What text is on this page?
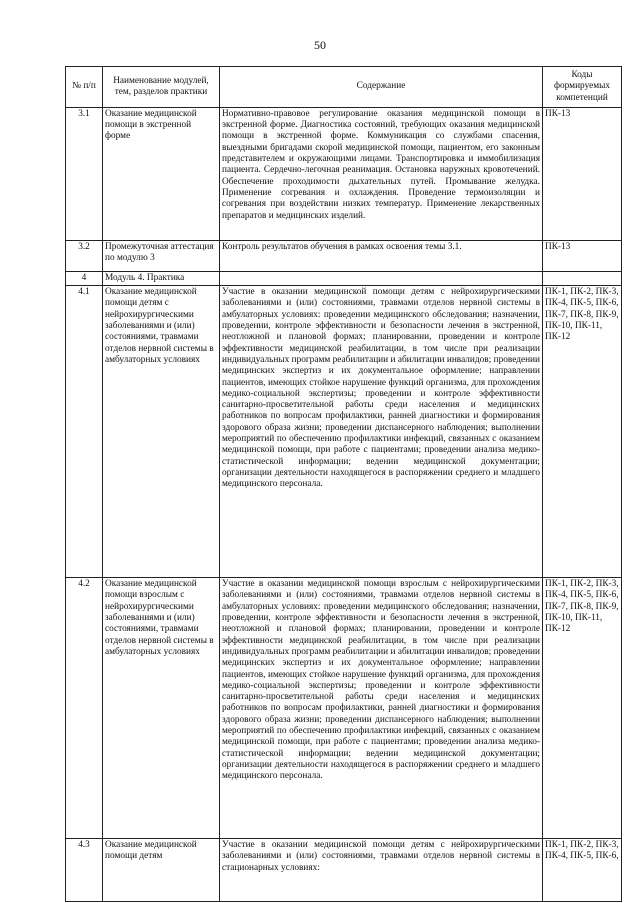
50
№ п/п	Наименование модулей, тем, разделов практики	Содержание	Коды формируемых компетенций
3.1	Оказание медицинской помощи в экстренной форме	Нормативно-правовое регулирование оказания медицинской помощи в экстренной форме. Диагностика состояний, требующих оказания медицинской помощи в экстренной форме. Коммуникация со службами спасения, выездными бригадами скорой медицинской помощи, пациентом, его законным представителем и окружающими лицами. Транспортировка и иммобилизация пациента. Сердечно-легочная реанимация. Остановка наружных кровотечений. Обеспечение проходимости дыхательных путей. Промывание желудка. Применение согревания и охлаждения. Проведение термоизоляции и согревания при воздействии низких температур. Применение лекарственных препаратов и медицинских изделий.	ПК-13
3.2	Промежуточная аттестация по модулю 3	Контроль результатов обучения в рамках освоения темы 3.1.	ПК-13
4	Модуль 4. Практика		
4.1	Оказание медицинской помощи детям с нейрохирургическими заболеваниями и (или) состояниями, травмами отделов нервной системы в амбулаторных условиях	Участие в оказании медицинской помощи детям с нейрохирургическими заболеваниями и (или) состояниями, травмами отделов нервной системы в амбулаторных условиях: проведении медицинского обследования; назначении, проведении, контроле эффективности и безопасности лечения в экстренной, неотложной и плановой формах; планировании, проведении и контроле эффективности медицинской реабилитации, в том числе при реализации индивидуальных программ реабилитации и абилитации инвалидов; проведении медицинских экспертиз и их документальное оформление; направлении пациентов, имеющих стойкое нарушение функций организма, для прохождения медико-социальной экспертизы; проведении и контроле эффективности санитарно-просветительной работы среди населения и медицинских работников по вопросам профилактики, ранней диагностики и формирования здорового образа жизни; проведении диспансерного наблюдения; выполнении мероприятий по обеспечению профилактики инфекций, связанных с оказанием медицинской помощи, при работе с пациентами; проведении анализа медико-статистической информации; ведении медицинской документации; организации деятельности находящегося в распоряжении среднего и младшего медицинского персонала.	ПК-1, ПК-2, ПК-3, ПК-4, ПК-5, ПК-6, ПК-7, ПК-8, ПК-9, ПК-10, ПК-11, ПК-12
4.2	Оказание медицинской помощи взрослым с нейрохирургическими заболеваниями и (или) состояниями, травмами отделов нервной системы в амбулаторных условиях	Участие в оказании медицинской помощи взрослым с нейрохирургическими заболеваниями и (или) состояниями, травмами отделов нервной системы в амбулаторных условиях: проведении медицинского обследования; назначении, проведении, контроле эффективности и безопасности лечения в экстренной, неотложной и плановой формах; планировании, проведении и контроле эффективности медицинской реабилитации, в том числе при реализации индивидуальных программ реабилитации и абилитации инвалидов; проведении медицинских экспертиз и их документальное оформление; направлении пациентов, имеющих стойкое нарушение функций организма, для прохождения медико-социальной экспертизы; проведении и контроле эффективности санитарно-просветительной работы среди населения и медицинских работников по вопросам профилактики, ранней диагностики и формирования здорового образа жизни; проведении диспансерного наблюдения; выполнении мероприятий по обеспечению профилактики инфекций, связанных с оказанием медицинской помощи, при работе с пациентами; проведении анализа медико-статистической информации; ведении медицинской документации; организации деятельности находящегося в распоряжении среднего и младшего медицинского персонала.	ПК-1, ПК-2, ПК-3, ПК-4, ПК-5, ПК-6, ПК-7, ПК-8, ПК-9, ПК-10, ПК-11, ПК-12
4.3	Оказание медицинской помощи детям	Участие в оказании медицинской помощи детям с нейрохирургическими заболеваниями и (или) состояниями, травмами отделов нервной системы в стационарных условиях:	ПК-1, ПК-2, ПК-3, ПК-4, ПК-5, ПК-6,
